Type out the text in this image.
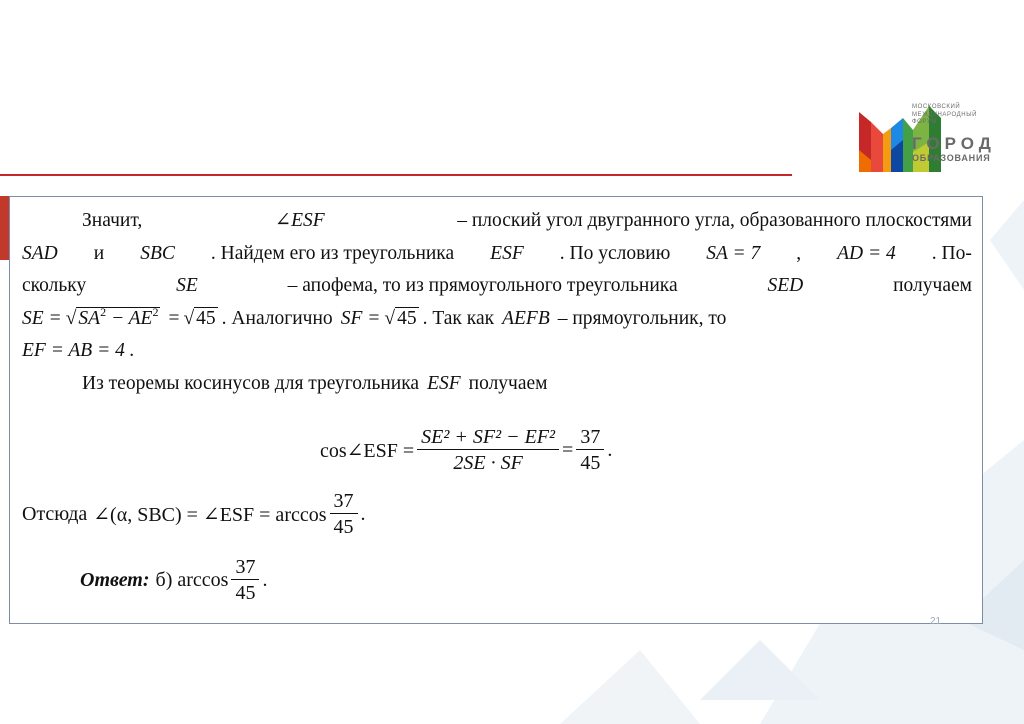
МОСКОВСКИЙ
МЕЖДУНАРОДНЫЙ
ФОРУМ
ГОРОД
ОБРАЗОВАНИЯ
Значит,	∠ESF	– плоский угол двугранного угла, образованного плоскостями
SAD и SBC . Найдем его из треугольника ESF . По условию SA = 7 , AD = 4 . По-
скольку	SE	– апофема, то из прямоугольного треугольника	SED	получаем
SE = √ $SA^2 - AE^2$ = √ 45 . Аналогично SF = √ 45 . Так как AEFB – прямоугольник, то
EF = AB = 4 .
Из теоремы косинусов для треугольника ESF получаем
cos∠ESF = $\frac{\text{SE² + SF² − EF²}}{2SE \cdot SF} = \frac{37}{45}$ .
Отсюда ∠(α, SBC) = ∠ESF = $\arccos \frac{37}{45}$ .
Ответ: б) $\arccos \frac{37}{45}$ .
21
